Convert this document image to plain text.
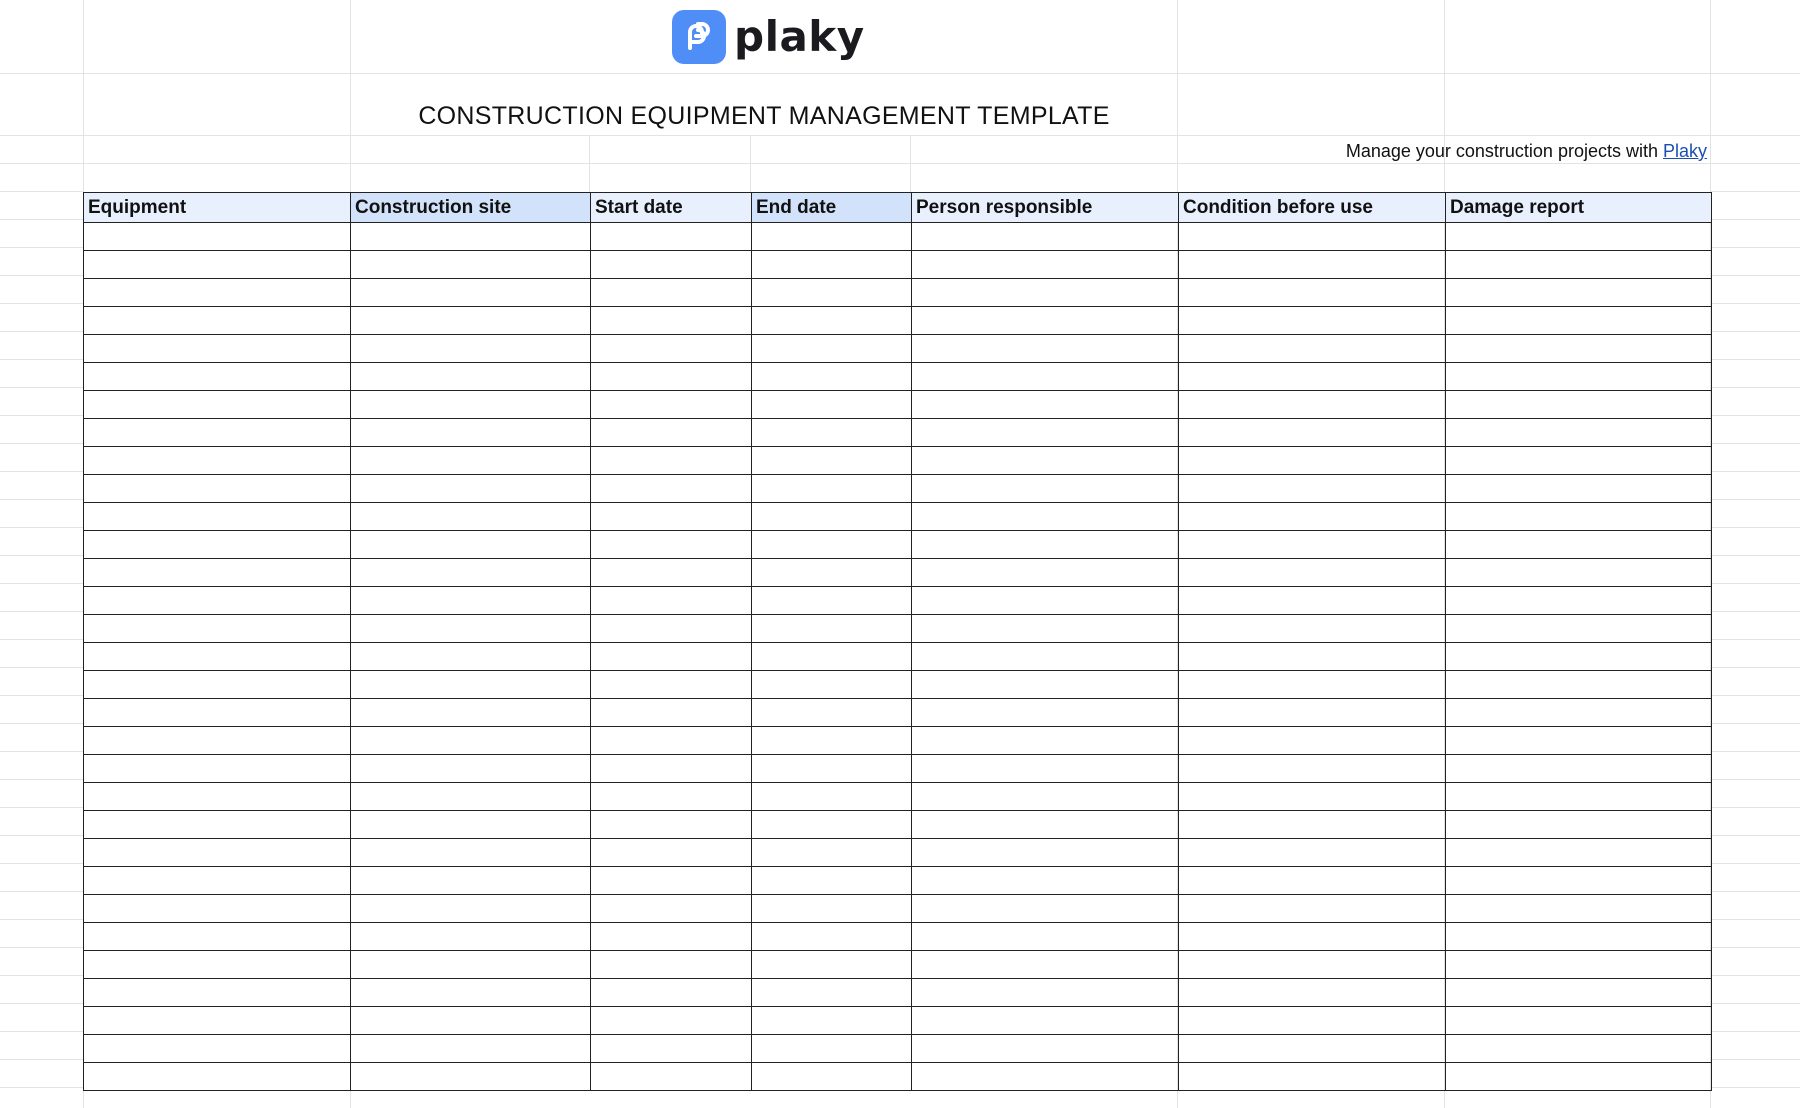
plaky
CONSTRUCTION EQUIPMENT MANAGEMENT TEMPLATE
Manage your construction projects with Plaky
Equipment	Construction site	Start date	End date	Person responsible	Condition before use	Damage report
